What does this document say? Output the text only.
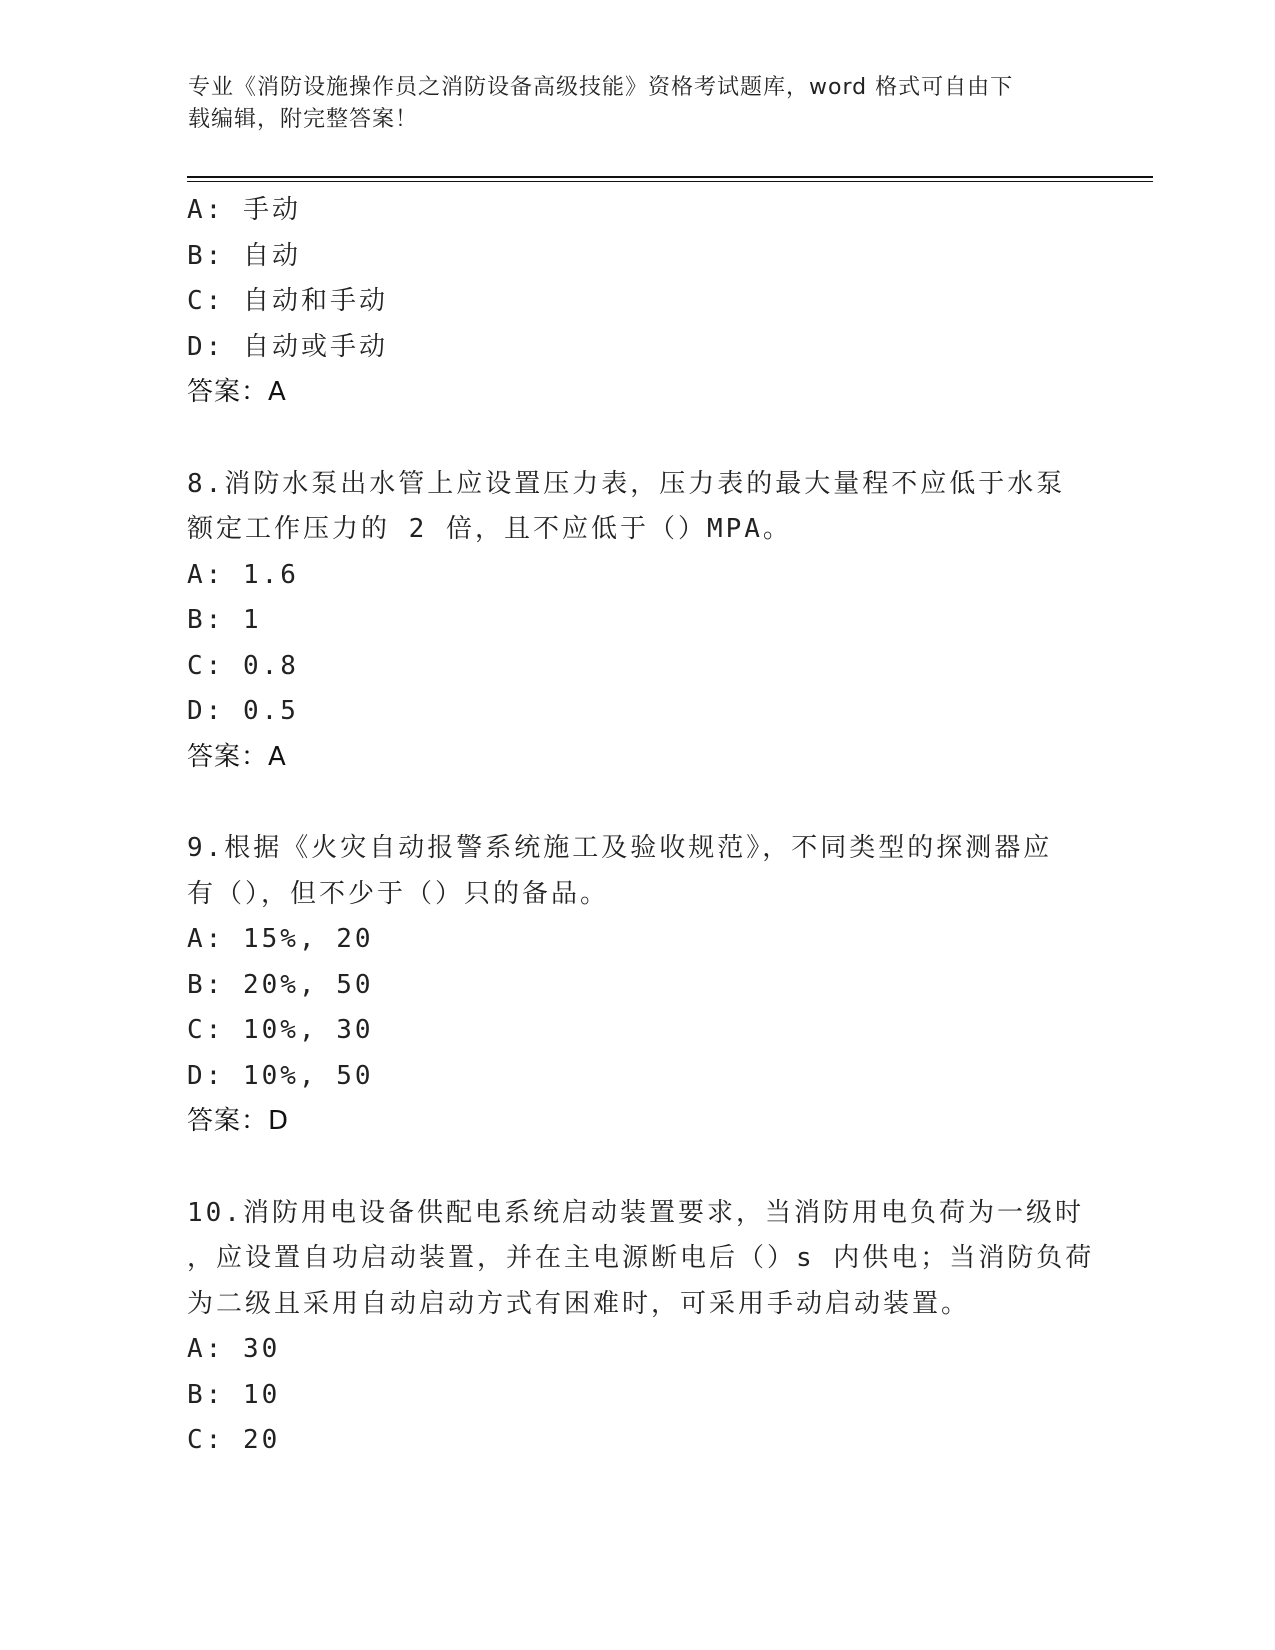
专业《消防设施操作员之消防设备高级技能》资格考试题库，word 格式可自由下
载编辑，附完整答案！
A: 手动
B: 自动
C: 自动和手动
D: 自动或手动
答案：A
8.消防水泵出水管上应设置压力表，压力表的最大量程不应低于水泵
额定工作压力的 2 倍，且不应低于（）MPA。
A: 1.6
B: 1
C: 0.8
D: 0.5
答案：A
9.根据《火灾自动报警系统施工及验收规范》，不同类型的探测器应
有（），但不少于（）只的备品。
A: 15%, 20
B: 20%, 50
C: 10%, 30
D: 10%, 50
答案：D
10.消防用电设备供配电系统启动装置要求，当消防用电负荷为一级时
，应设置自功启动装置，并在主电源断电后（）s 内供电；当消防负荷
为二级且采用自动启动方式有困难时，可采用手动启动装置。
A: 30
B: 10
C: 20
